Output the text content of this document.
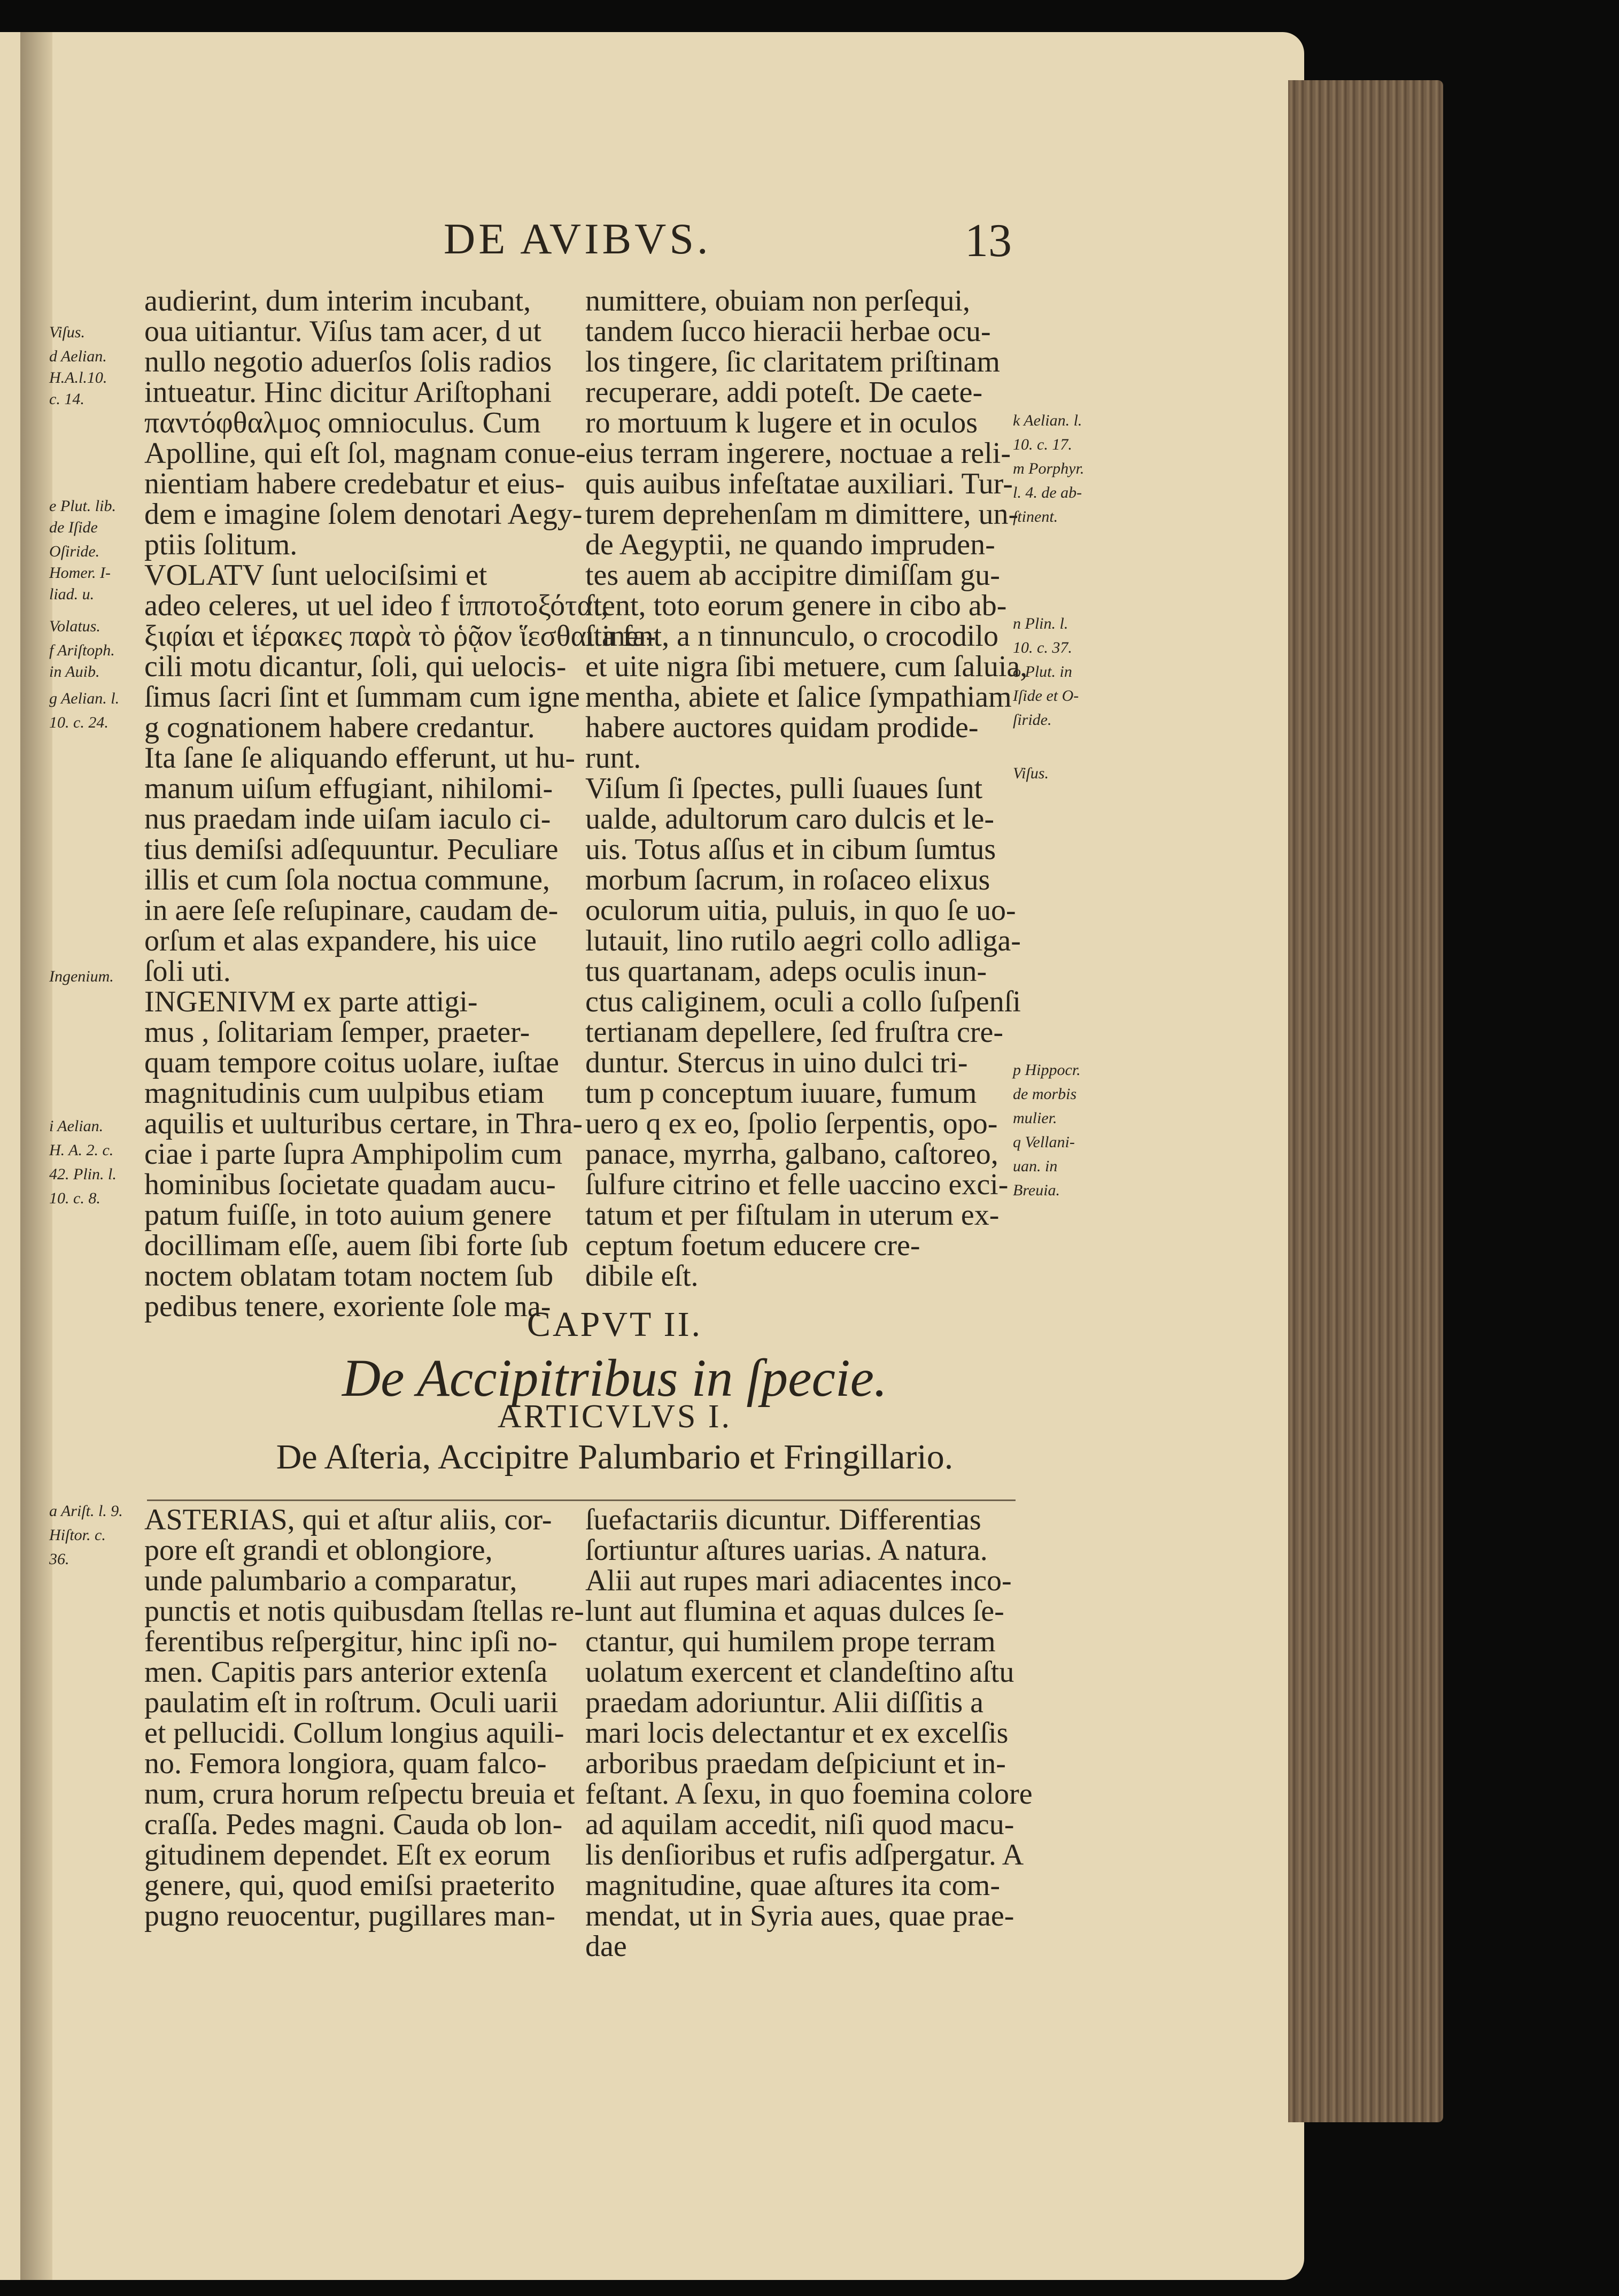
DE AVIBVS.	13
audierint, dum interim incubant,
oua uitiantur. Viſus tam acer, d ut
nullo negotio aduerſos ſolis radios
intueatur. Hinc dicitur Ariſtophani
παντόφθαλμος omnioculus. Cum
Apolline, qui eſt ſol, magnam conue-
nientiam habere credebatur et eius-
dem e imagine ſolem denotari Aegy-
ptiis ſolitum.
VOLATV ſunt uelociſsimi et
adeo celeres, ut uel ideo f ἱπποτοξόται,
ξιφίαι et ἱέρακες παρὰ τὸ ῥᾷον ἵεσθαι a fa-
cili motu dicantur, ſoli, qui uelocis-
ſimus ſacri ſint et ſummam cum igne
g cognationem habere credantur.
Ita ſane ſe aliquando efferunt, ut hu-
manum uiſum effugiant, nihilomi-
nus praedam inde uiſam iaculo ci-
tius demiſsi adſequuntur. Peculiare
illis et cum ſola noctua commune,
in aere ſeſe reſupinare, caudam de-
orſum et alas expandere, his uice
ſoli uti.
INGENIVM ex parte attigi-
mus , ſolitariam ſemper, praeter-
quam tempore coitus uolare, iuſtae
magnitudinis cum uulpibus etiam
aquilis et uulturibus certare, in Thra-
ciae i parte ſupra Amphipolim cum
hominibus ſocietate quadam aucu-
patum fuiſſe, in toto auium genere
docillimam eſſe, auem ſibi forte ſub
noctem oblatam totam noctem ſub
pedibus tenere, exoriente ſole ma-
numittere, obuiam non perſequi,
tandem ſucco hieracii herbae ocu-
los tingere, ſic claritatem priſtinam
recuperare, addi poteſt. De caete-
ro mortuum k lugere et in oculos
eius terram ingerere, noctuae a reli-
quis auibus infeſtatae auxiliari. Tur-
turem deprehenſam m dimittere, un-
de Aegyptii, ne quando impruden-
tes auem ab accipitre dimiſſam gu-
ſtent, toto eorum genere in cibo ab-
ſtinent, a n tinnunculo, o crocodilo
et uite nigra ſibi metuere, cum ſaluia,
mentha, abiete et ſalice ſympathiam
habere auctores quidam prodide-
runt.
Viſum ſi ſpectes, pulli ſuaues ſunt
ualde, adultorum caro dulcis et le-
uis. Totus aſſus et in cibum ſumtus
morbum ſacrum, in roſaceo elixus
oculorum uitia, puluis, in quo ſe uo-
lutauit, lino rutilo aegri collo adliga-
tus quartanam, adeps oculis inun-
ctus caliginem, oculi a collo ſuſpenſi
tertianam depellere, ſed fruſtra cre-
duntur. Stercus in uino dulci tri-
tum p conceptum iuuare, fumum
uero q ex eo, ſpolio ſerpentis, opo-
panace, myrrha, galbano, caſtoreo,
ſulfure citrino et felle uaccino exci-
tatum et per fiſtulam in uterum ex-
ceptum foetum educere cre-
dibile eſt.
Viſus.
d Aelian.
H.A.l.10.
c. 14.
e Plut. lib.
de Iſide
Oſiride.
Homer. I-
liad. u.
Volatus.
f Ariſtoph.
in Auib.
g Aelian. l.
10. c. 24.
Ingenium.
i Aelian.
H. A. 2. c.
42. Plin. l.
10. c. 8.
a Ariſt. l. 9.
Hiſtor. c.
36.
k Aelian. l.
10. c. 17.
m Porphyr.
l. 4. de ab-
ſtinent.
n Plin. l.
10. c. 37.
o Plut. in
Iſide et O-
ſiride.
Viſus.
p Hippocr.
de morbis
mulier.
q Vellani-
uan. in
Breuia.
CAPVT II.
De Accipitribus in ſpecie.
ARTICVLVS I.
De Aſteria, Accipitre Palumbario et Fringillario.
ASTERIAS, qui et aſtur aliis, cor-
pore eſt grandi et oblongiore,
unde palumbario a comparatur,
punctis et notis quibusdam ſtellas re-
ferentibus reſpergitur, hinc ipſi no-
men. Capitis pars anterior extenſa
paulatim eſt in roſtrum. Oculi uarii
et pellucidi. Collum longius aquili-
no. Femora longiora, quam falco-
num, crura horum reſpectu breuia et
craſſa. Pedes magni. Cauda ob lon-
gitudinem dependet. Eſt ex eorum
genere, qui, quod emiſsi praeterito
pugno reuocentur, pugillares man-
ſuefactariis dicuntur. Differentias
ſortiuntur aſtures uarias. A natura.
Alii aut rupes mari adiacentes inco-
lunt aut flumina et aquas dulces ſe-
ctantur, qui humilem prope terram
uolatum exercent et clandeſtino aſtu
praedam adoriuntur. Alii diſſitis a
mari locis delectantur et ex excelſis
arboribus praedam deſpiciunt et in-
feſtant. A ſexu, in quo foemina colore
ad aquilam accedit, niſi quod macu-
lis denſioribus et rufis adſpergatur. A
magnitudine, quae aſtures ita com-
mendat, ut in Syria aues, quae prae-
dae
